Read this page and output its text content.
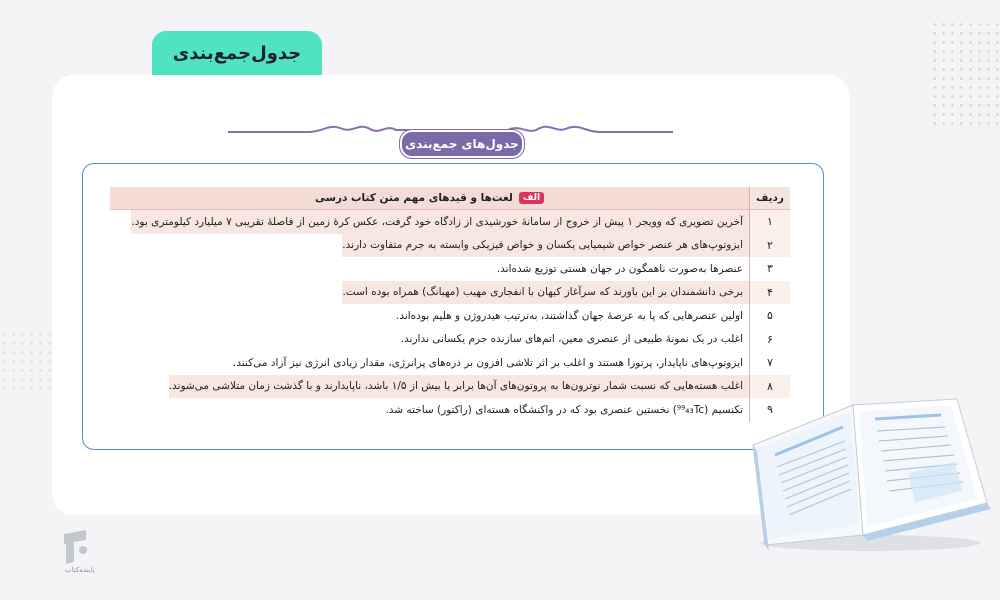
جدول‌جمع‌بندی
جدول‌های جمع‌بندی
ردیف
الف
لغت‌ها و قیدهای مهم متن کتاب درسی
۱
آخرین تصویری که وویجر ۱ پیش از خروج از سامانهٔ خورشیدی از زادگاه خود گرفت، عکس کرهٔ زمین از فاصلهٔ تقریبی ۷ میلیارد کیلومتری بود.
۲
ایزوتوپ‌های هر عنصر خواص شیمیایی یکسان و خواص فیزیکی وابسته به جرم متفاوت دارند.
۳
عنصرها به‌صورت ناهمگون در جهان هستی توزیع شده‌اند.
۴
برخی دانشمندان بر این باورند که سرآغاز کیهان با انفجاری مهیب (مهبانگ) همراه بوده است.
۵
اولین عنصرهایی که پا به عرصهٔ جهان گذاشتند، به‌ترتیب هیدروژن و هلیم بوده‌اند.
۶
اغلب در یک نمونهٔ طبیعی از عنصری معین، اتم‌های سازنده جرم یکسانی ندارند.
۷
ایزوتوپ‌های ناپایدار، پرتوزا هستند و اغلب بر اثر تلاشی افزون بر ذره‌های پرانرژی، مقدار زیادی انرژی نیز آزاد می‌کنند.
۸
اغلب هسته‌هایی که نسبت شمار نوترون‌ها به پروتون‌های آن‌ها برابر یا بیش از ۱/۵ باشد، ناپایدارند و با گذشت زمان متلاشی می‌شوند.
۹
تکنسیم (⁹⁹₄₃Tc) نخستین عنصری بود که در واکنشگاه هسته‌ای (راکتور) ساخته شد.
پاینده‌کتاب
